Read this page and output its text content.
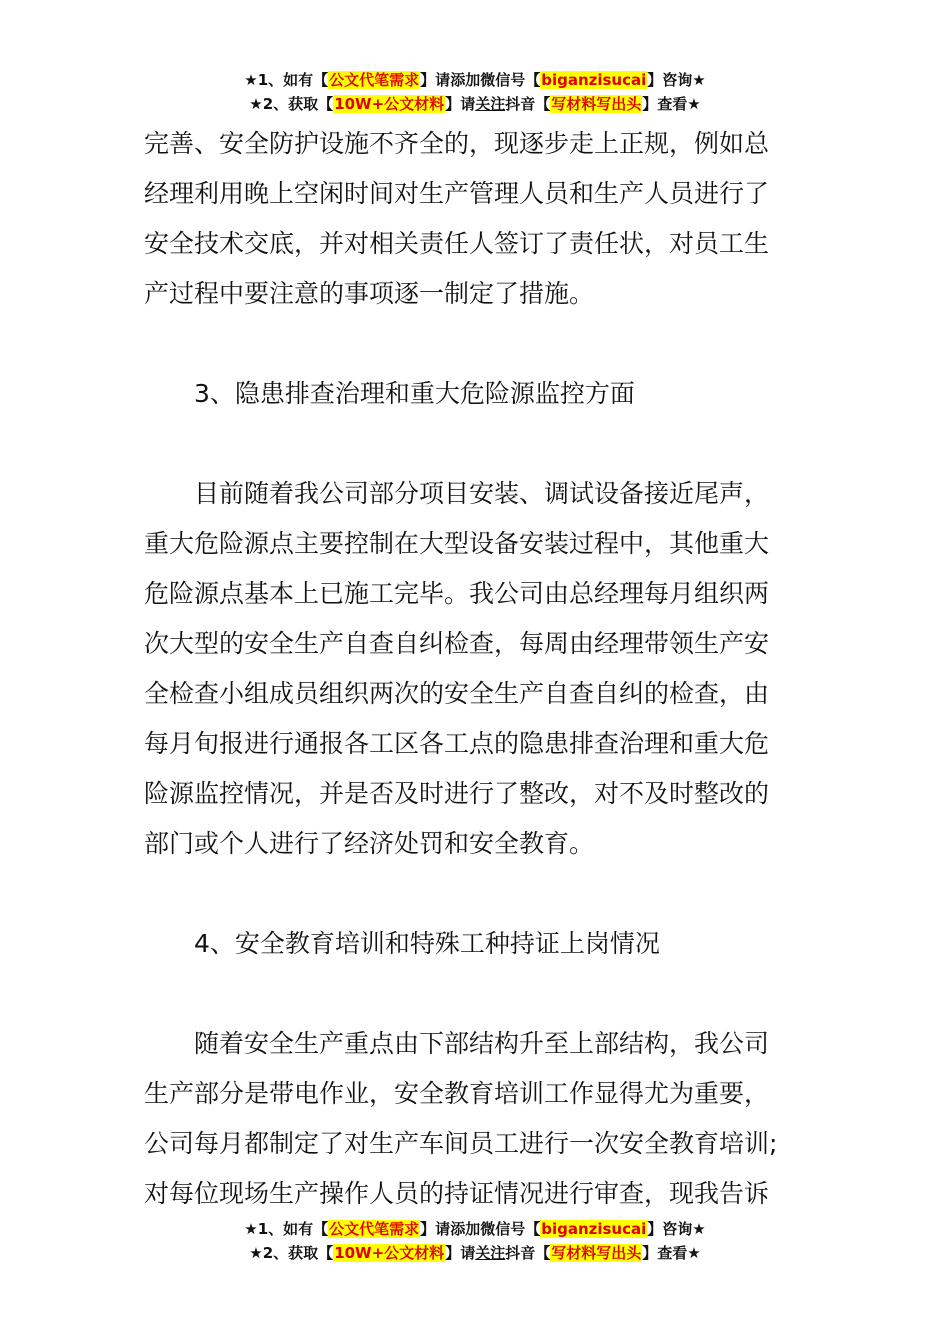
★1、如有【公文代笔需求】请添加微信号【biganzisucai】咨询★
★2、获取【10W+公文材料】请关注抖音【写材料写出头】查看★
完善、安全防护设施不齐全的，现逐步走上正规，例如总
经理利用晚上空闲时间对生产管理人员和生产人员进行了
安全技术交底，并对相关责任人签订了责任状，对员工生
产过程中要注意的事项逐一制定了措施。
3、隐患排查治理和重大危险源监控方面
目前随着我公司部分项目安装、调试设备接近尾声，
重大危险源点主要控制在大型设备安装过程中，其他重大
危险源点基本上已施工完毕。我公司由总经理每月组织两
次大型的安全生产自查自纠检查，每周由经理带领生产安
全检查小组成员组织两次的安全生产自查自纠的检查，由
每月旬报进行通报各工区各工点的隐患排查治理和重大危
险源监控情况，并是否及时进行了整改，对不及时整改的
部门或个人进行了经济处罚和安全教育。
4、安全教育培训和特殊工种持证上岗情况
随着安全生产重点由下部结构升至上部结构，我公司
生产部分是带电作业，安全教育培训工作显得尤为重要，
公司每月都制定了对生产车间员工进行一次安全教育培训;
对每位现场生产操作人员的持证情况进行审查，现我告诉
★1、如有【公文代笔需求】请添加微信号【biganzisucai】咨询★
★2、获取【10W+公文材料】请关注抖音【写材料写出头】查看★
